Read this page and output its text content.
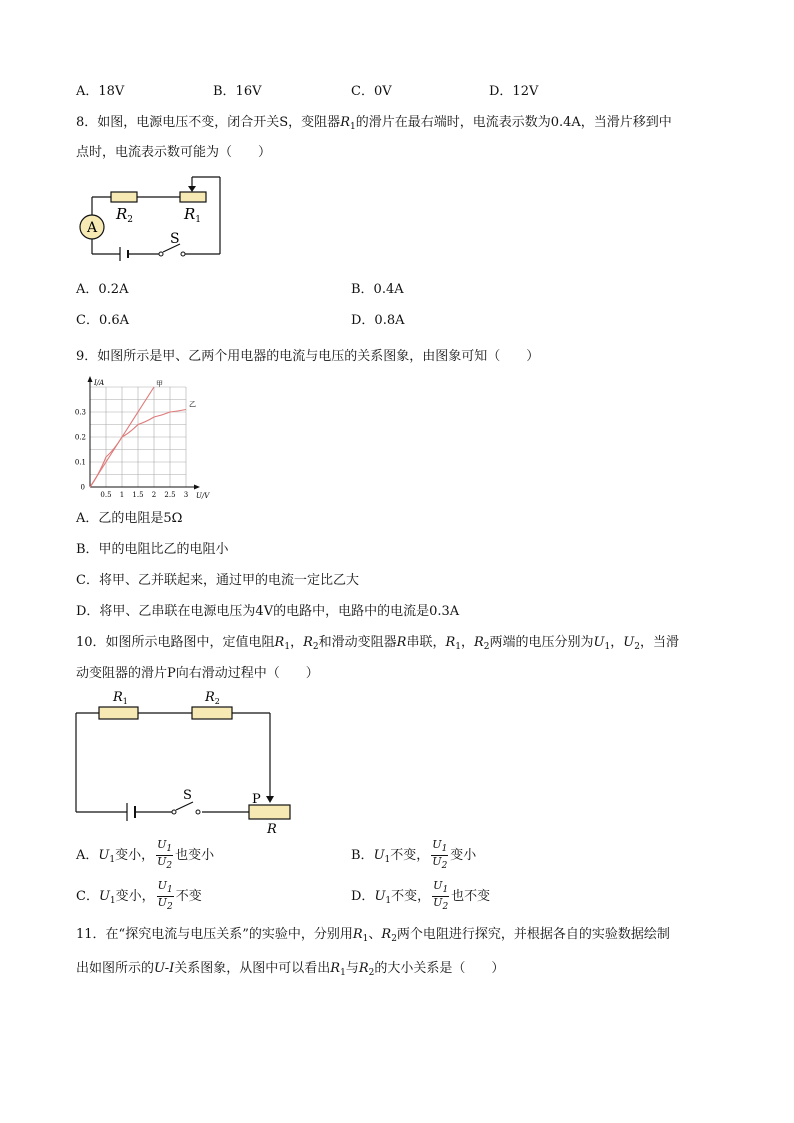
A．18V	B．16V	C．0V	D．12V
8．如图，电源电压不变，闭合开关S，变阻器$R_1$的滑片在最右端时，电流表示数为0.4A，当滑片移到中
点时，电流表示数可能为（　　）
A
$R_2$	$R_1$
S
A．0.2A	B．0.4A
C．0.6A	D．0.8A
9．如图所示是甲、乙两个用电器的电流与电压的关系图象，由图象可知（　　）
0.5 1 1.5 2 2.5 3
0.1
0.2
0.3
0
U/V
I/A	甲
乙
A．乙的电阻是5Ω
B．甲的电阻比乙的电阻小
C．将甲、乙并联起来，通过甲的电流一定比乙大
D．将甲、乙串联在电源电压为4V的电路中，电路中的电流是0.3A
10．如图所示电路图中，定值电阻$R_1$，$R_2$和滑动变阻器R串联，$R_1$，$R_2$两端的电压分别为$U_1$，$U_2$，当滑
动变阻器的滑片P向右滑动过程中（　　）
$R_1$	$R_2$
S	P
R
A．$U_1$变小， $\frac{U_1}{U_2}$ 也变小	B．$U_1$不变， $\frac{U_1}{U_2}$ 变小
C．$U_1$变小， $\frac{U_1}{U_2}$ 不变	D．$U_1$不变， $\frac{U_1}{U_2}$ 也不变
11．在“探究电流与电压关系”的实验中，分别用$R_1$、$R_2$两个电阻进行探究，并根据各自的实验数据绘制
出如图所示的U-I关系图象，从图中可以看出$R_1$与$R_2$的大小关系是（　　）
